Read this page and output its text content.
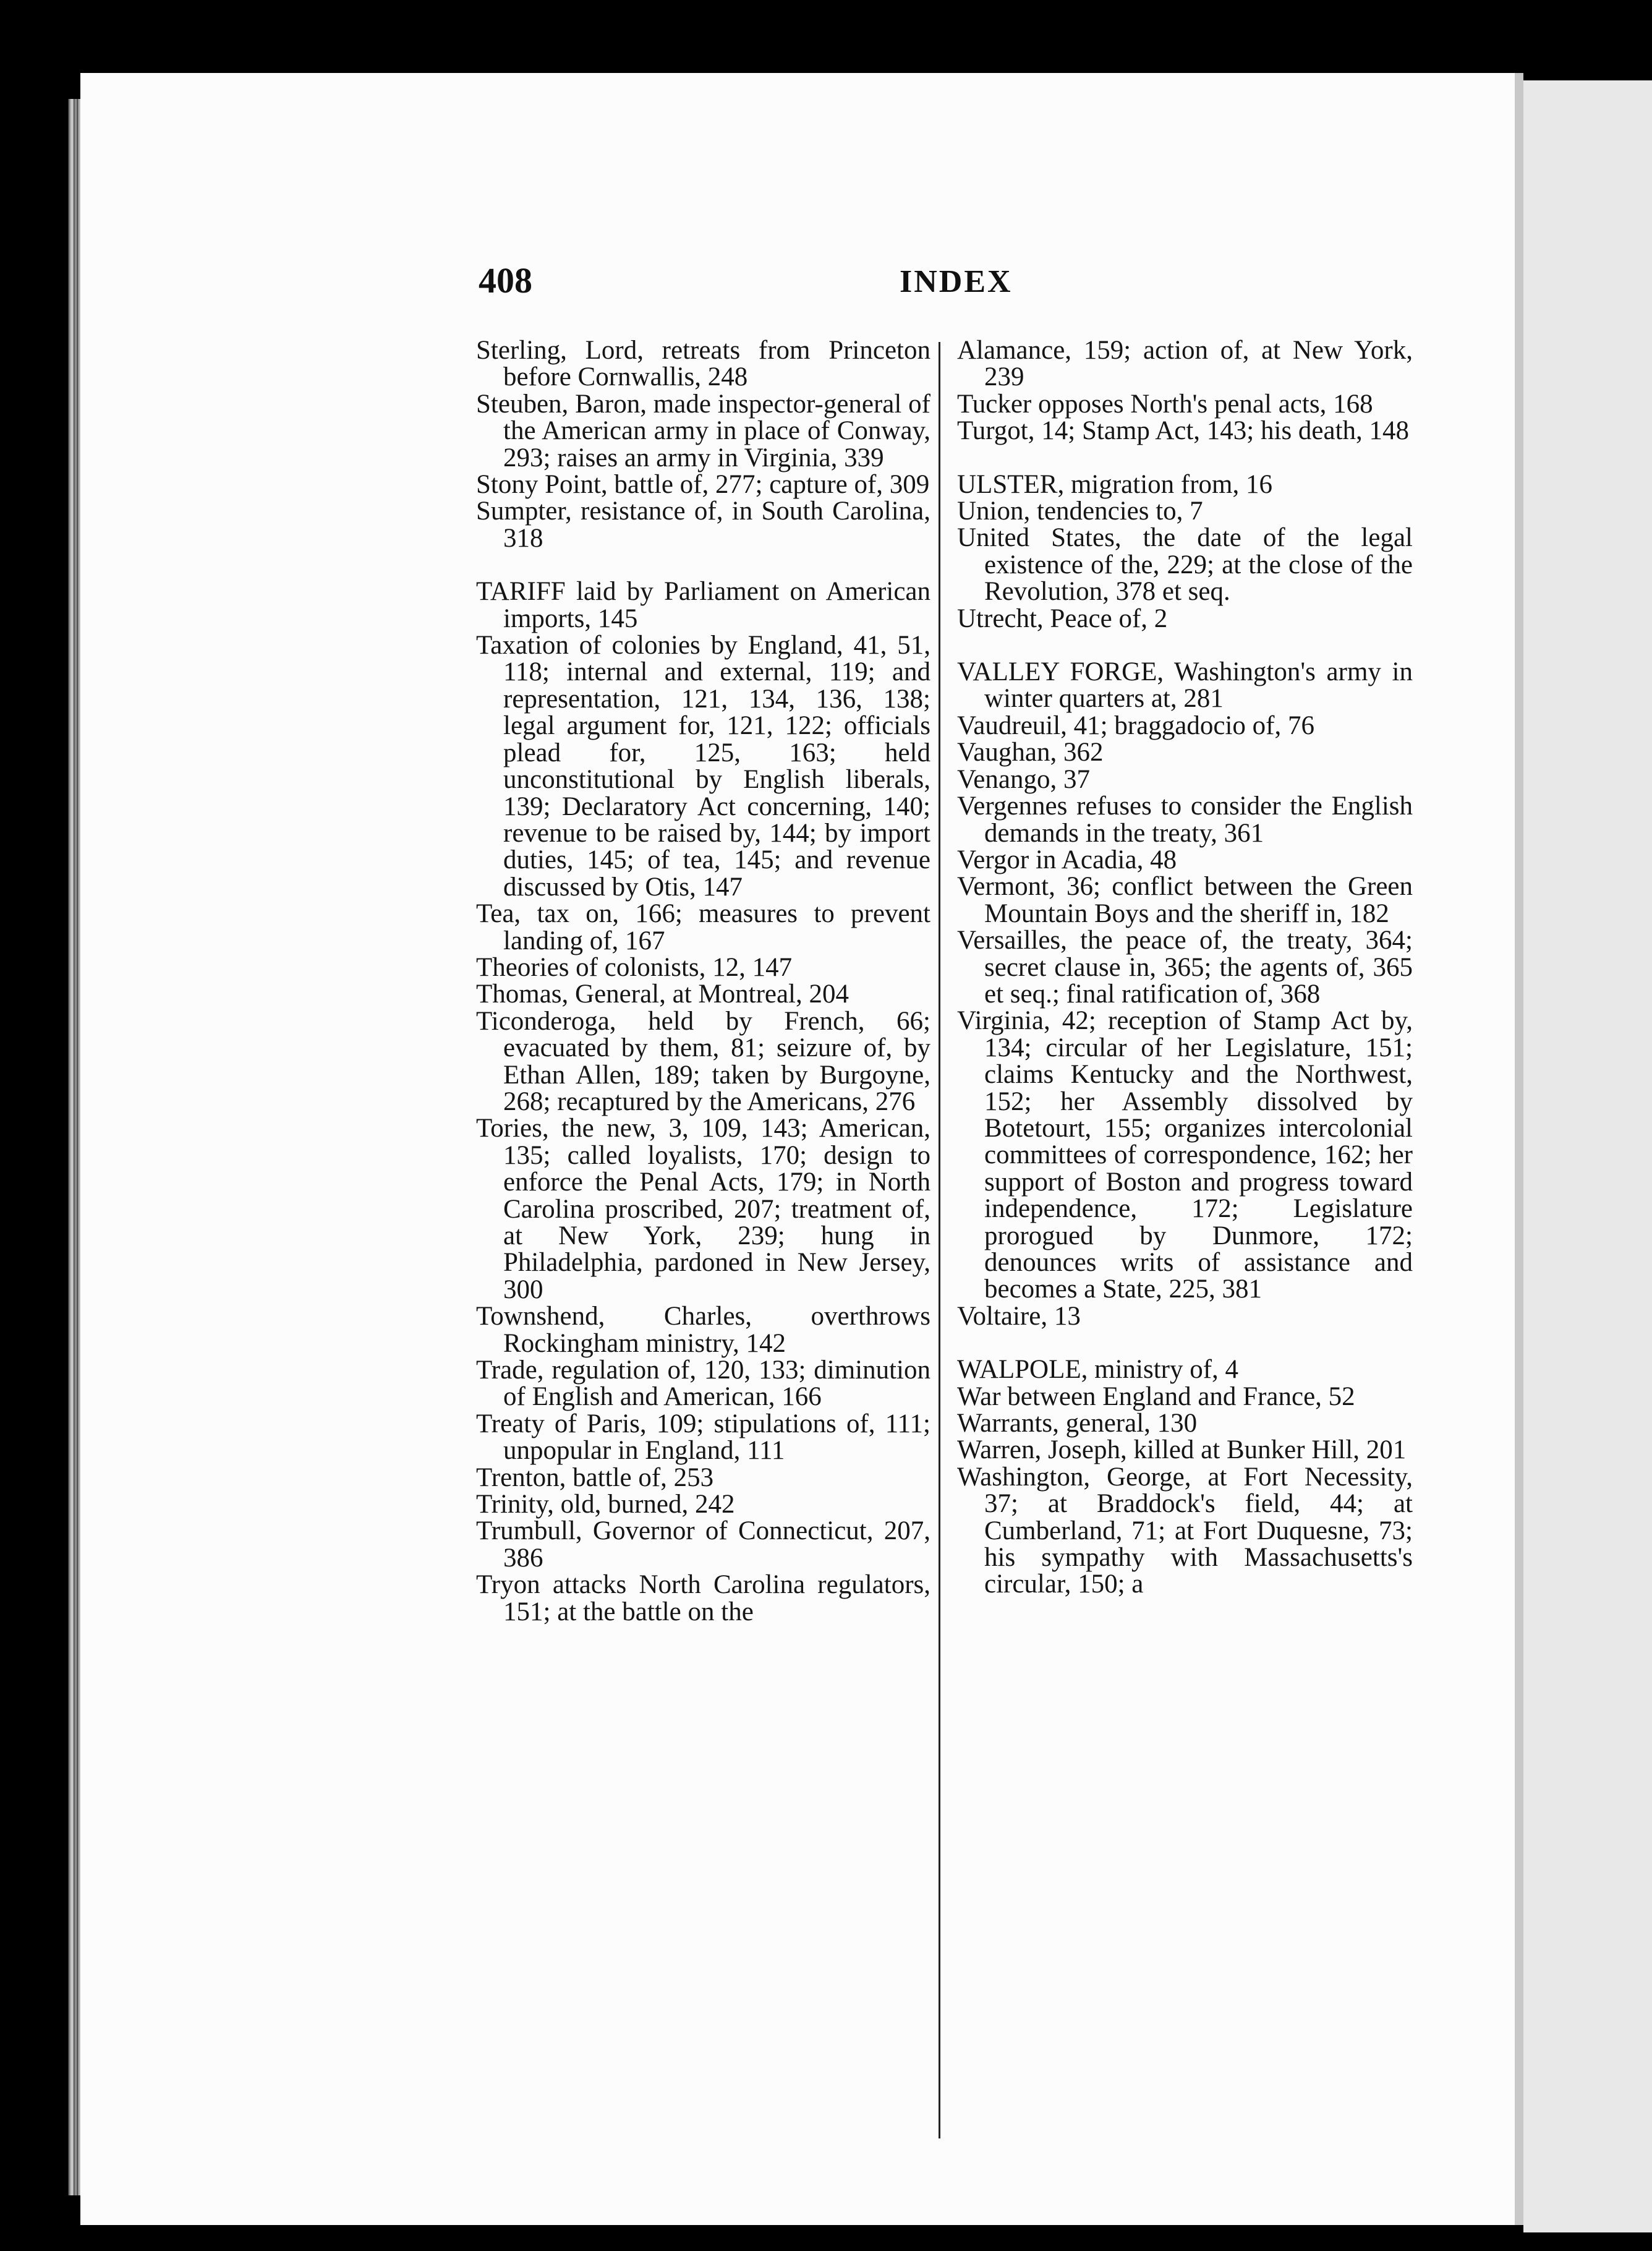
408	INDEX

Sterling, Lord, retreats from Princeton before Cornwallis, 248

Steuben, Baron, made inspector-general of the American army in place of Conway, 293; raises an army in Virginia, 339

Stony Point, battle of, 277; capture of, 309

Sumpter, resistance of, in South Carolina, 318

TARIFF laid by Parliament on American imports, 145

Taxation of colonies by England, 41, 51, 118; internal and external, 119; and representation, 121, 134, 136, 138; legal argument for, 121, 122; officials plead for, 125, 163; held unconstitutional by English liberals, 139; Declaratory Act concerning, 140; revenue to be raised by, 144; by import duties, 145; of tea, 145; and revenue discussed by Otis, 147

Tea, tax on, 166; measures to prevent landing of, 167

Theories of colonists, 12, 147

Thomas, General, at Montreal, 204

Ticonderoga, held by French, 66; evacuated by them, 81; seizure of, by Ethan Allen, 189; taken by Burgoyne, 268; recaptured by the Americans, 276

Tories, the new, 3, 109, 143; American, 135; called loyalists, 170; design to enforce the Penal Acts, 179; in North Carolina proscribed, 207; treatment of, at New York, 239; hung in Philadelphia, pardoned in New Jersey, 300

Townshend, Charles, overthrows Rockingham ministry, 142

Trade, regulation of, 120, 133; diminution of English and American, 166

Treaty of Paris, 109; stipulations of, 111; unpopular in England, 111

Trenton, battle of, 253

Trinity, old, burned, 242

Trumbull, Governor of Connecticut, 207, 386

Tryon attacks North Carolina regulators, 151; at the battle on the

Alamance, 159; action of, at New York, 239

Tucker opposes North's penal acts, 168

Turgot, 14; Stamp Act, 143; his death, 148

ULSTER, migration from, 16

Union, tendencies to, 7

United States, the date of the legal existence of the, 229; at the close of the Revolution, 378 et seq.

Utrecht, Peace of, 2

VALLEY FORGE, Washington's army in winter quarters at, 281

Vaudreuil, 41; braggadocio of, 76

Vaughan, 362

Venango, 37

Vergennes refuses to consider the English demands in the treaty, 361

Vergor in Acadia, 48

Vermont, 36; conflict between the Green Mountain Boys and the sheriff in, 182

Versailles, the peace of, the treaty, 364; secret clause in, 365; the agents of, 365 et seq.; final ratification of, 368

Virginia, 42; reception of Stamp Act by, 134; circular of her Legislature, 151; claims Kentucky and the Northwest, 152; her Assembly dissolved by Botetourt, 155; organizes intercolonial committees of correspondence, 162; her support of Boston and progress toward independence, 172; Legislature prorogued by Dunmore, 172; denounces writs of assistance and becomes a State, 225, 381

Voltaire, 13

WALPOLE, ministry of, 4

War between England and France, 52

Warrants, general, 130

Warren, Joseph, killed at Bunker Hill, 201

Washington, George, at Fort Necessity, 37; at Braddock's field, 44; at Cumberland, 71; at Fort Duquesne, 73; his sympathy with Massachusetts's circular, 150; a
